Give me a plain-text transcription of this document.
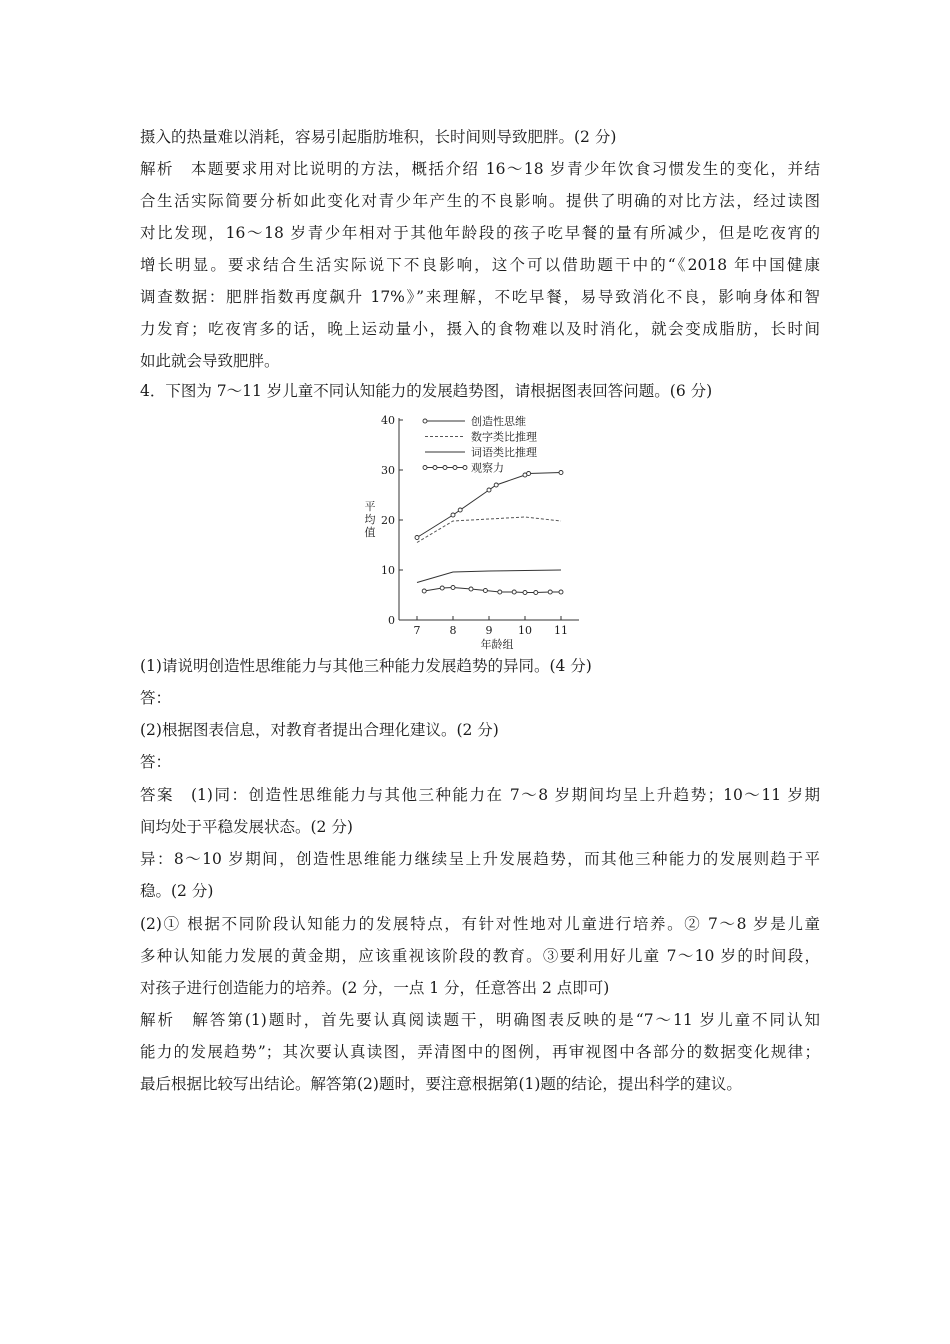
摄入的热量难以消耗，容易引起脂肪堆积，长时间则导致肥胖。(2 分)
解析　本题要求用对比说明的方法，概括介绍 16～18 岁青少年饮食习惯发生的变化，并结
合生活实际简要分析如此变化对青少年产生的不良影响。提供了明确的对比方法，经过读图
对比发现，16～18 岁青少年相对于其他年龄段的孩子吃早餐的量有所减少，但是吃夜宵的
增长明显。要求结合生活实际说下不良影响，这个可以借助题干中的“《2018 年中国健康
调查数据：肥胖指数再度飙升 17%》”来理解，不吃早餐，易导致消化不良，影响身体和智
力发育；吃夜宵多的话，晚上运动量小，摄入的食物难以及时消化，就会变成脂肪，长时间
如此就会导致肥胖。
4．下图为 7～11 岁儿童不同认知能力的发展趋势图，请根据图表回答问题。(6 分)
0
10
20
30
40
7	8	9 10 11
年龄组
平
均
值
创造性思维
数字类比推理
词语类比推理
观察力
(1)请说明创造性思维能力与其他三种能力发展趋势的异同。(4 分)
答：
(2)根据图表信息，对教育者提出合理化建议。(2 分)
答：
答案　(1)同：创造性思维能力与其他三种能力在 7～8 岁期间均呈上升趋势；10～11 岁期
间均处于平稳发展状态。(2 分)
异：8～10 岁期间，创造性思维能力继续呈上升发展趋势，而其他三种能力的发展则趋于平
稳。(2 分)
(2)① 根据不同阶段认知能力的发展特点，有针对性地对儿童进行培养。② 7～8 岁是儿童
多种认知能力发展的黄金期，应该重视该阶段的教育。③要利用好儿童 7～10 岁的时间段，
对孩子进行创造能力的培养。(2 分，一点 1 分，任意答出 2 点即可)
解析　解答第(1)题时，首先要认真阅读题干，明确图表反映的是“7～11 岁儿童不同认知
能力的发展趋势”；其次要认真读图，弄清图中的图例，再审视图中各部分的数据变化规律；
最后根据比较写出结论。解答第(2)题时，要注意根据第(1)题的结论，提出科学的建议。
